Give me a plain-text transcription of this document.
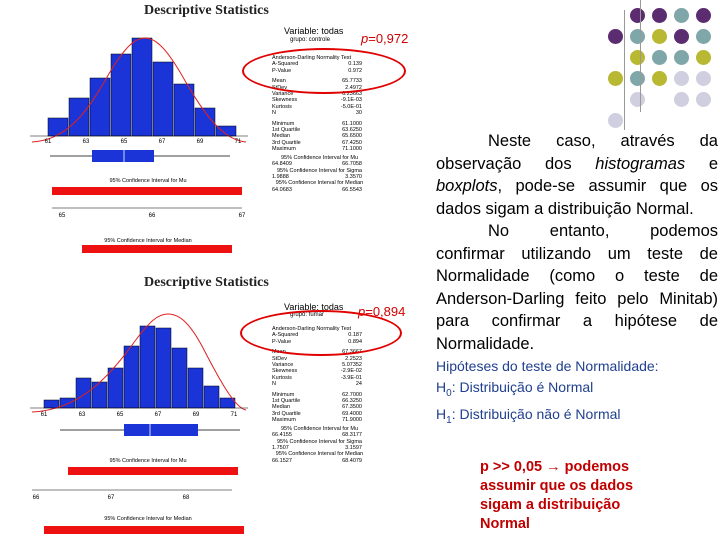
Descriptive Statistics
Variable: todas
grupo: controle p=0,972
61	63	65	67	69	71
95% Confidence Interval for Mu
65	66	67
95% Confidence Interval for Median
Anderson-Darling Normality Test
A-Squared	0.139
P-Value	0.972
Mean	65.7733
StDev	2.4972
Variance	6.23663
Skewness	-9.1E-03
Kurtosis	-5.0E-01
N	30
Minimum	61.1000
1st Quartile	63.6250
Median	65.6500
3rd Quartile	67.4250
Maximum	71.1000
95% Confidence Interval for Mu
64.8409	66.7058
95% Confidence Interval for Sigma
1.9888	3.3570
95% Confidence Interval for Median
64.0683	66.5543
Descriptive Statistics
Variable: todas
grupo: fumar	p=0,894
61	63	65	67	69	71
95% Confidence Interval for Mu
66	67	68
95% Confidence Interval for Median
Anderson-Darling Normality Test
A-Squared	0.187
P-Value	0.894
Mean	67.3667
StDev	2.2523
Variance	5.07352
Skewness	-2.9E-02
Kurtosis	-3.9E-01
N	24
Minimum	62.7000
1st Quartile	66.3250
Median	67.3500
3rd Quartile	69.4000
Maximum	71.9000
95% Confidence Interval for Mu
66.4155	68.3177
95% Confidence Interval for Sigma
1.7507	3.1597
95% Confidence Interval for Median
66.1527	68.4079
Neste caso, através da observação dos histogramas e boxplots, pode-se assumir que os dados sigam a distribuição Normal.
No entanto, podemos confirmar utilizando um teste de Normalidade (como o teste de Anderson-Darling feito pelo Minitab) para confirmar a hipótese de Normalidade.
Hipóteses do teste de Normalidade:
$H_0$: Distribuição é Normal
$H_1$: Distribuição não é Normal
p >> 0,05 → podemos assumir que os dados sigam a distribuição Normal
